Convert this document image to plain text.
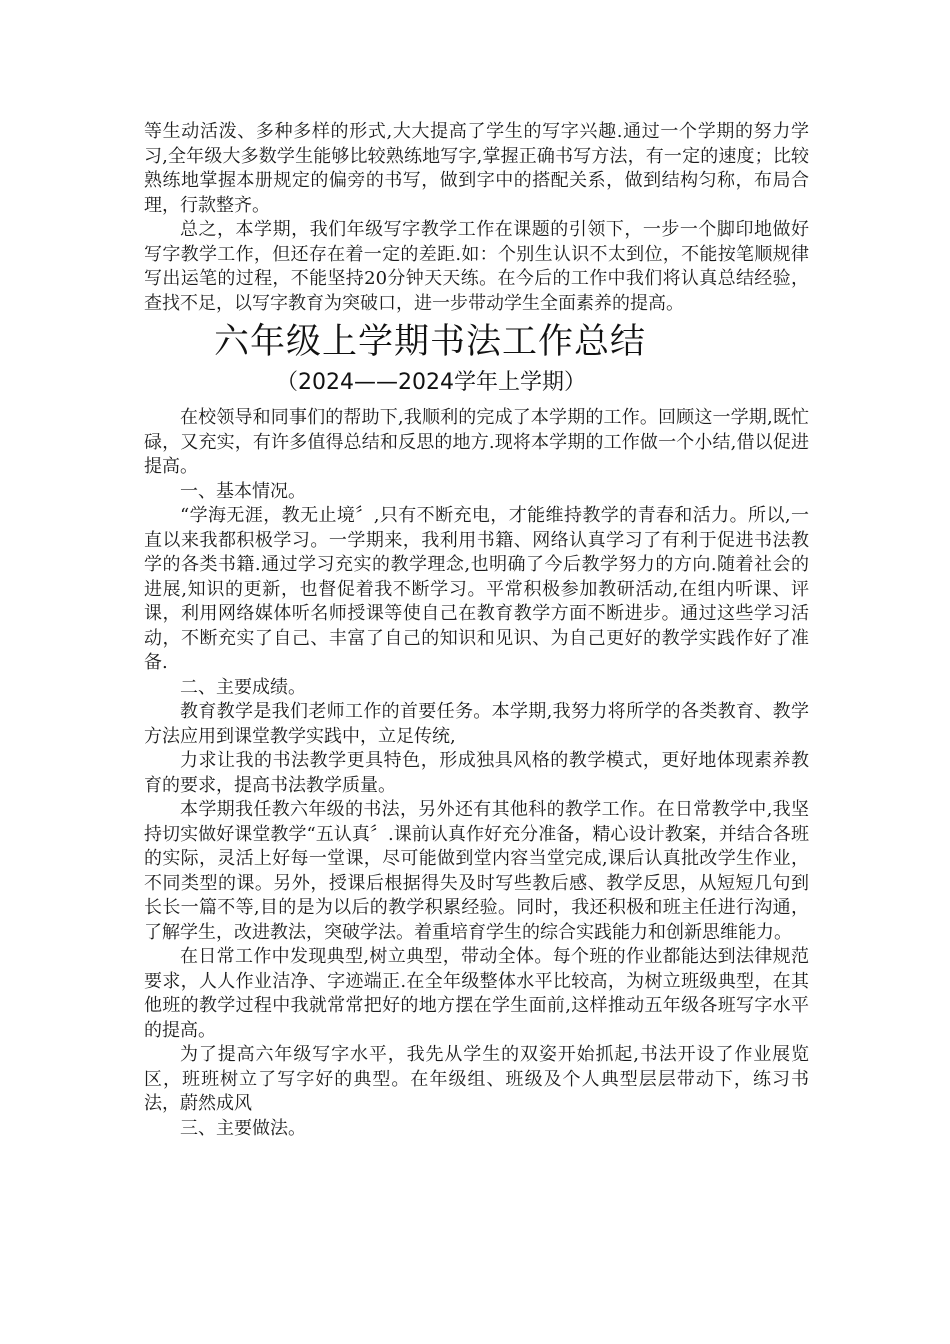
等生动活泼、多种多样的形式,大大提高了学生的写字兴趣.通过一个学期的努力学习,全年级大多数学生能够比较熟练地写字,掌握正确书写方法，有一定的速度；比较熟练地掌握本册规定的偏旁的书写，做到字中的搭配关系，做到结构匀称，布局合理，行款整齐。

总之，本学期，我们年级写字教学工作在课题的引领下，一步一个脚印地做好写字教学工作，但还存在着一定的差距.如：个别生认识不太到位，不能按笔顺规律写出运笔的过程，不能坚持20分钟天天练。在今后的工作中我们将认真总结经验，查找不足，以写字教育为突破口，进一步带动学生全面素养的提高。

六年级上学期书法工作总结
（2024——2024学年上学期）

在校领导和同事们的帮助下,我顺利的完成了本学期的工作。回顾这一学期,既忙碌，又充实，有许多值得总结和反思的地方.现将本学期的工作做一个小结,借以促进提高。

一、基本情况。

“学海无涯，教无止境〞,只有不断充电，才能维持教学的青春和活力。所以,一直以来我都积极学习。一学期来，我利用书籍、网络认真学习了有利于促进书法教学的各类书籍.通过学习充实的教学理念,也明确了今后教学努力的方向.随着社会的进展,知识的更新，也督促着我不断学习。平常积极参加教研活动,在组内听课、评课，利用网络媒体听名师授课等使自己在教育教学方面不断进步。通过这些学习活动，不断充实了自己、丰富了自己的知识和见识、为自己更好的教学实践作好了准备.

二、主要成绩。

教育教学是我们老师工作的首要任务。本学期,我努力将所学的各类教育、教学方法应用到课堂教学实践中，立足传统,

力求让我的书法教学更具特色，形成独具风格的教学模式，更好地体现素养教育的要求，提高书法教学质量。

本学期我任教六年级的书法，另外还有其他科的教学工作。在日常教学中,我坚持切实做好课堂教学“五认真〞.课前认真作好充分准备，精心设计教案，并结合各班的实际，灵活上好每一堂课，尽可能做到堂内容当堂完成,课后认真批改学生作业，不同类型的课。另外，授课后根据得失及时写些教后感、教学反思，从短短几句到长长一篇不等,目的是为以后的教学积累经验。同时，我还积极和班主任进行沟通，了解学生，改进教法，突破学法。着重培育学生的综合实践能力和创新思维能力。

在日常工作中发现典型,树立典型，带动全体。每个班的作业都能达到法律规范要求，人人作业洁净、字迹端正.在全年级整体水平比较高，为树立班级典型，在其他班的教学过程中我就常常把好的地方摆在学生面前,这样推动五年级各班写字水平的提高。

为了提高六年级写字水平，我先从学生的双姿开始抓起,书法开设了作业展览区，班班树立了写字好的典型。在年级组、班级及个人典型层层带动下，练习书法，蔚然成风

三、主要做法。
